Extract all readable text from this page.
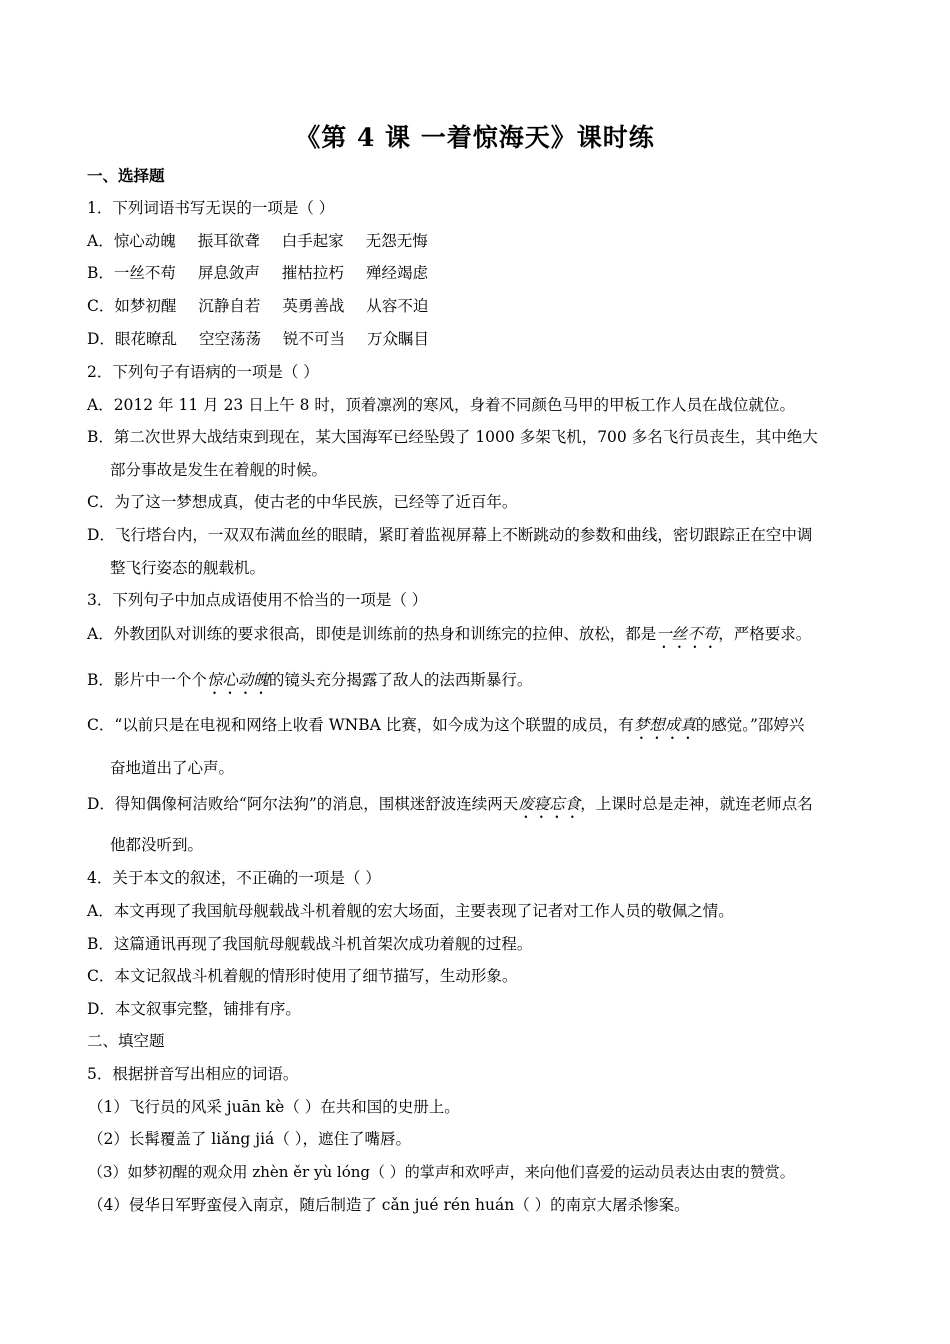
《第 4 课 一着惊海天》课时练
一、选择题
1．下列词语书写无误的一项是（ ）
A．惊心动魄 振耳欲聋 白手起家 无怨无悔
B．一丝不苟 屏息敛声 摧枯拉朽 殚经竭虑
C．如梦初醒 沉静自若 英勇善战 从容不迫
D．眼花暸乱 空空荡荡 锐不可当 万众瞩目
2．下列句子有语病的一项是（ ）
A．2012 年 11 月 23 日上午 8 时，顶着凛冽的寒风，身着不同颜色马甲的甲板工作人员在战位就位。
B．第二次世界大战结束到现在，某大国海军已经坠毁了 1000 多架飞机，700 多名飞行员丧生，其中绝大
部分事故是发生在着舰的时候。
C．为了这一梦想成真，使古老的中华民族，已经等了近百年。
D．飞行塔台内，一双双布满血丝的眼睛，紧盯着监视屏幕上不断跳动的参数和曲线，密切跟踪正在空中调
整飞行姿态的舰载机。
3．下列句子中加点成语使用不恰当的一项是（ ）
A．外教团队对训练的要求很高，即使是训练前的热身和训练完的拉伸、放松，都是一丝不苟，严格要求。
B．影片中一个个惊心动魄的镜头充分揭露了敌人的法西斯暴行。
C．“以前只是在电视和网络上收看 WNBA 比赛，如今成为这个联盟的成员，有梦想成真的感觉。”邵婷兴
奋地道出了心声。
D．得知偶像柯洁败给“阿尔法狗”的消息，围棋迷舒波连续两天废寝忘食，上课时总是走神，就连老师点名
他都没听到。
4．关于本文的叙述，不正确的一项是（ ）
A．本文再现了我国航母舰载战斗机着舰的宏大场面，主要表现了记者对工作人员的敬佩之情。
B．这篇通讯再现了我国航母舰载战斗机首架次成功着舰的过程。
C．本文记叙战斗机着舰的情形时使用了细节描写，生动形象。
D．本文叙事完整，铺排有序。
二、填空题
5．根据拼音写出相应的词语。
（1）飞行员的风采 juān kè（ ）在共和国的史册上。
（2）长髯覆盖了 liǎng jiá（ ），遮住了嘴唇。
（3）如梦初醒的观众用 zhèn ěr yù lóng（ ）的掌声和欢呼声，来向他们喜爱的运动员表达由衷的赞赏。
（4）侵华日军野蛮侵入南京，随后制造了 cǎn jué rén huán（ ）的南京大屠杀惨案。
